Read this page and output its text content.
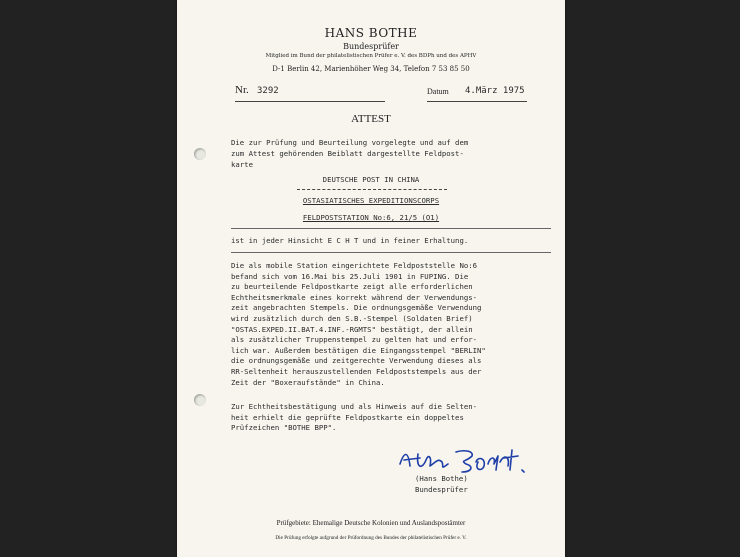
HANS BOTHE
Bundesprüfer
Mitglied im Bund der philatelistischen Prüfer e. V. des BDPh und des APHV
D-1 Berlin 42, Marienhöher Weg 34, Telefon 7 53 85 50
Nr. 3292	Datum 4.März 1975
ATTEST
Die zur Prüfung und Beurteilung vorgelegte und auf dem
zum Attest gehörenden Beiblatt dargestellte Feldpost-
karte
DEUTSCHE POST IN CHINA
OSTASIATISCHES EXPEDITIONSCORPS
FELDPOSTSTATION No:6, 21/5 (O1)
ist in jeder Hinsicht E C H T und in feiner Erhaltung.
Die als mobile Station eingerichtete Feldpoststelle No:6
befand sich vom 16.Mai bis 25.Juli 1901 in FUPING. Die
zu beurteilende Feldpostkarte zeigt alle erforderlichen
Echtheitsmerkmale eines korrekt während der Verwendungs-
zeit angebrachten Stempels. Die ordnungsgemäße Verwendung
wird zusätzlich durch den S.B.-Stempel (Soldaten Brief)
"OSTAS.EXPED.II.BAT.4.INF.-RGMTS" bestätigt, der allein
als zusätzlicher Truppenstempel zu gelten hat und erfor-
lich war. Außerdem bestätigen die Eingangsstempel "BERLIN"
die ordnungsgemäße und zeitgerechte Verwendung dieses als
RR-Seltenheit herauszustellenden Feldpoststempels aus der
Zeit der "Boxeraufstände" in China.
Zur Echtheitsbestätigung und als Hinweis auf die Selten-
heit erhielt die geprüfte Feldpostkarte ein doppeltes
Prüfzeichen "BOTHE BPP".
(Hans Bothe)
Bundesprüfer
Prüfgebiete: Ehemalige Deutsche Kolonien und Auslandspostämter
Die Prüfung erfolgte aufgrund der Prüfordnung des Bundes der philatelistischen Prüfer e. V.
